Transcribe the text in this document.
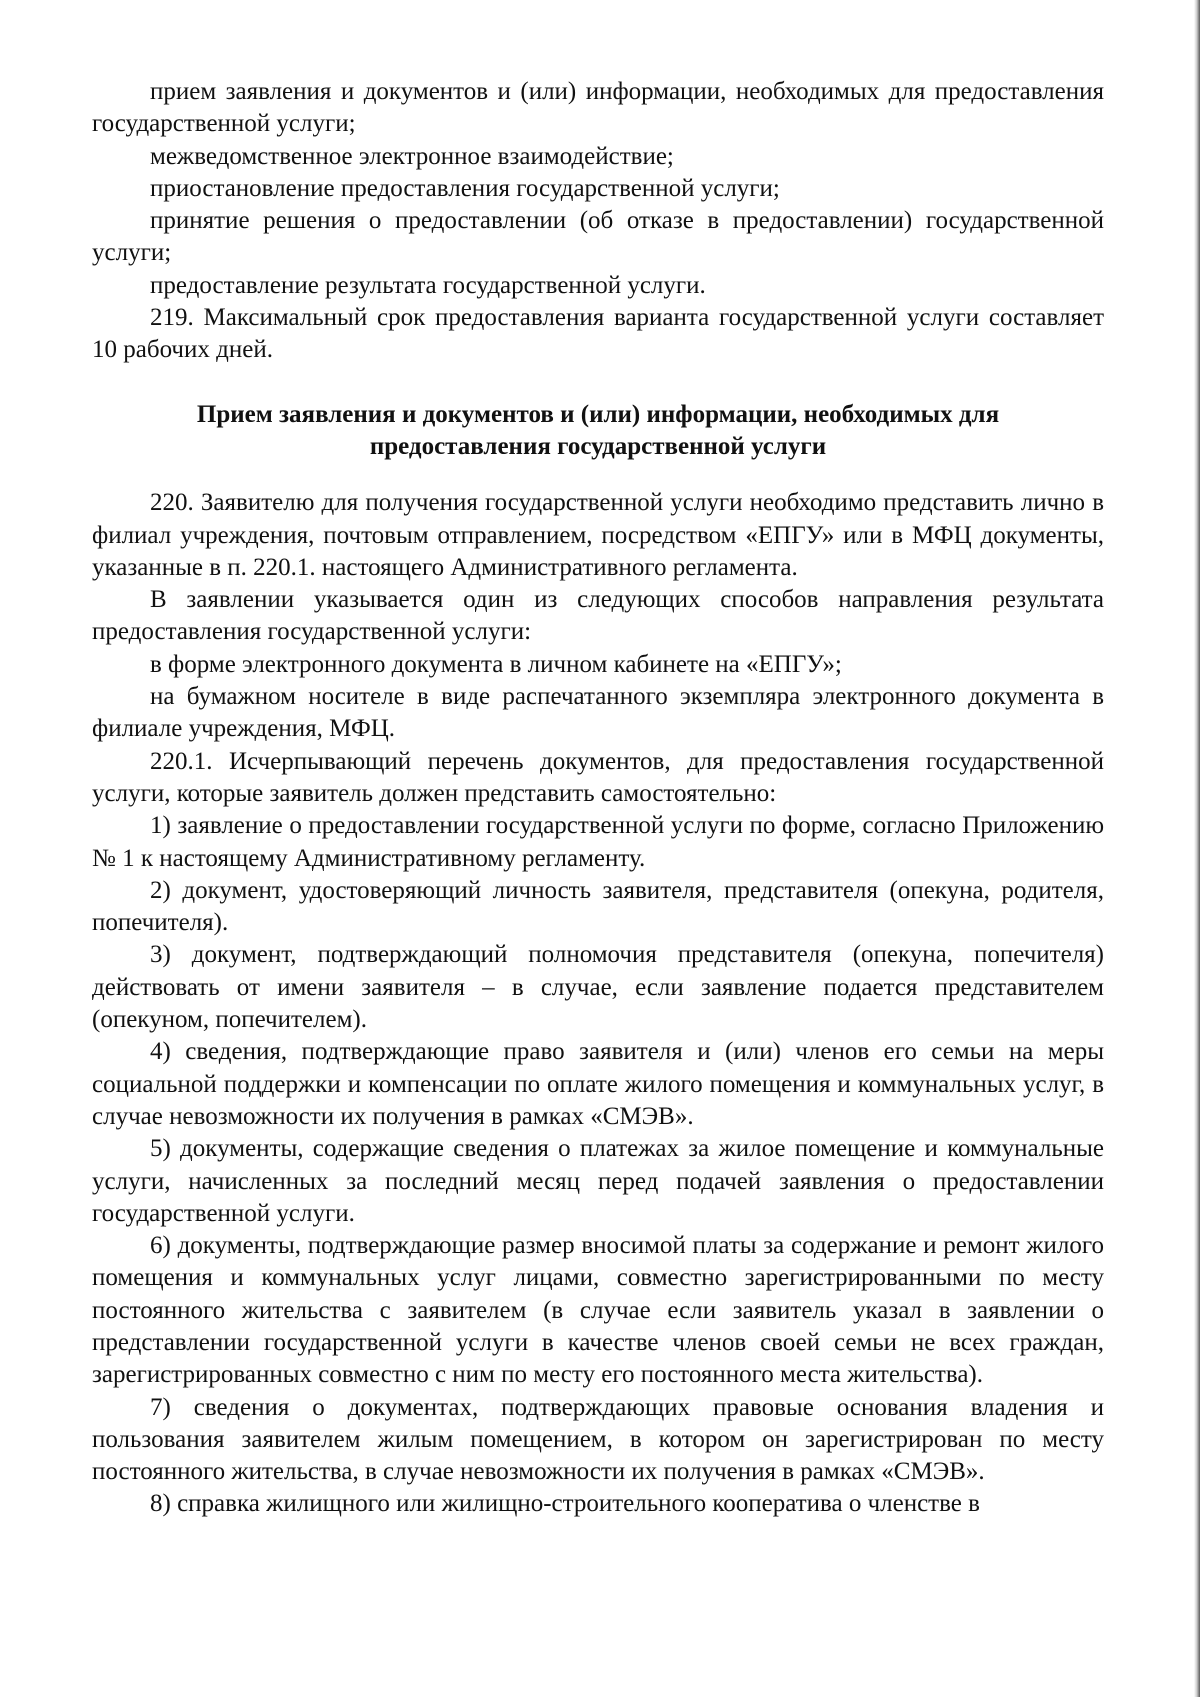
прием заявления и документов и (или) информации, необходимых для предоставления государственной услуги;

межведомственное электронное взаимодействие;

приостановление предоставления государственной услуги;

принятие решения о предоставлении (об отказе в предоставлении) государственной услуги;

предоставление результата государственной услуги.

219. Максимальный срок предоставления варианта государственной услуги составляет 10 рабочих дней.

Прием заявления и документов и (или) информации, необходимых для
предоставления государственной услуги

220. Заявителю для получения государственной услуги необходимо представить лично в филиал учреждения, почтовым отправлением, посредством «ЕПГУ» или в МФЦ документы, указанные в п. 220.1. настоящего Административного регламента.

В заявлении указывается один из следующих способов направления результата предоставления государственной услуги:

в форме электронного документа в личном кабинете на «ЕПГУ»;

на бумажном носителе в виде распечатанного экземпляра электронного документа в филиале учреждения, МФЦ.

220.1. Исчерпывающий перечень документов, для предоставления государственной услуги, которые заявитель должен представить самостоятельно:

1) заявление о предоставлении государственной услуги по форме, согласно Приложению № 1 к настоящему Административному регламенту.

2) документ, удостоверяющий личность заявителя, представителя (опекуна, родителя, попечителя).

3) документ, подтверждающий полномочия представителя (опекуна, попечителя) действовать от имени заявителя – в случае, если заявление подается представителем (опекуном, попечителем).

4) сведения, подтверждающие право заявителя и (или) членов его семьи на меры социальной поддержки и компенсации по оплате жилого помещения и коммунальных услуг, в случае невозможности их получения в рамках «СМЭВ».

5) документы, содержащие сведения о платежах за жилое помещение и коммунальные услуги, начисленных за последний месяц перед подачей заявления о предоставлении государственной услуги.

6) документы, подтверждающие размер вносимой платы за содержание и ремонт жилого помещения и коммунальных услуг лицами, совместно зарегистрированными по месту постоянного жительства с заявителем (в случае если заявитель указал в заявлении о представлении государственной услуги в качестве членов своей семьи не всех граждан, зарегистрированных совместно с ним по месту его постоянного места жительства).

7) сведения о документах, подтверждающих правовые основания владения и пользования заявителем жилым помещением, в котором он зарегистрирован по месту постоянного жительства, в случае невозможности их получения в рамках «СМЭВ».

8) справка жилищного или жилищно-строительного кооператива о членстве в
